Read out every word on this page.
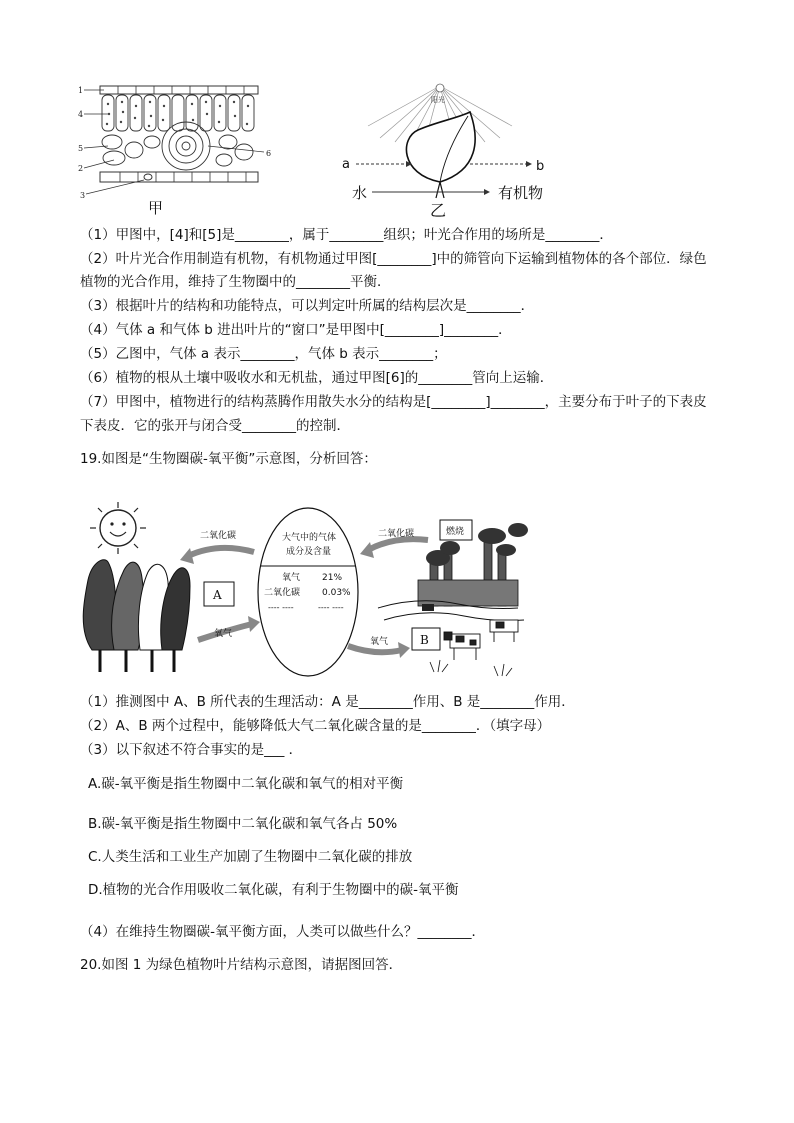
1
4
5
2
3
6
甲
阳光
a	b
水	有机物
乙
（1）甲图中，[4]和[5]是________，属于________组织；叶光合作用的场所是________．
（2）叶片光合作用制造有机物，有机物通过甲图[________]中的筛管向下运输到植物体的各个部位．绿色
植物的光合作用，维持了生物圈中的________平衡．
（3）根据叶片的结构和功能特点，可以判定叶所属的结构层次是________．
（4）气体 a 和气体 b 进出叶片的“窗口”是甲图中[________]________．
（5）乙图中，气体 a 表示________，气体 b 表示________；
（6）植物的根从土壤中吸收水和无机盐，通过甲图[6]的________管向上运输．
（7）甲图中，植物进行的结构蒸腾作用散失水分的结构是[________]________，主要分布于叶子的下表皮
下表皮．它的张开与闭合受________的控制．
19.如图是“生物圈碳-氧平衡”示意图，分析回答：
二氧化碳
A
氧气
大气中的气体
成分及含量
氧气 21%
二氧化碳 0.03%
---- ----	---- ----
二氧化碳	燃烧
氧气	B
（1）推测图中 A、B 所代表的生理活动：A 是________作用、B 是________作用．
（2）A、B 两个过程中，能够降低大气二氧化碳含量的是________．（填字母）
（3）以下叙述不符合事实的是___ ．
A.碳-氧平衡是指生物圈中二氧化碳和氧气的相对平衡
B.碳-氧平衡是指生物圈中二氧化碳和氧气各占 50%
C.人类生活和工业生产加剧了生物圈中二氧化碳的排放
D.植物的光合作用吸收二氧化碳，有利于生物圈中的碳-氧平衡
（4）在维持生物圈碳-氧平衡方面，人类可以做些什么？________．
20.如图 1 为绿色植物叶片结构示意图，请据图回答．
